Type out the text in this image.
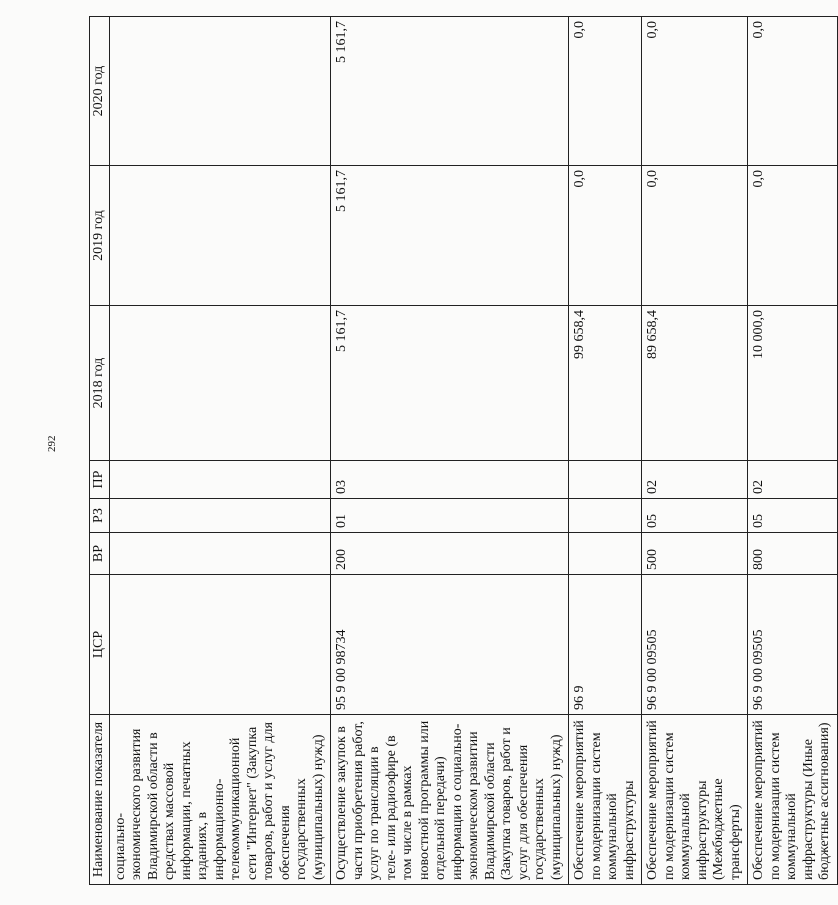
292
Наименование показателя	ЦСР	ВР	РЗ	ПР	2018 год	2019 год	2020 год
социально-экономического развития Владимирской области в средствах массовой информации, печатных изданиях, в информационно-телекоммуникационной сети "Интернет" (Закупка товаров, работ и услуг для обеспечения государственных (муниципальных) нужд)							
Осуществление закупок в части приобретения работ, услуг по трансляции в теле- или радиоэфире (в том числе в рамках новостной программы или отдельной передачи) информации о социально-экономическом развитии Владимирской области (Закупка товаров, работ и услуг для обеспечения государственных (муниципальных) нужд)	95 9 00 98734	200	01	03	5 161,7	5 161,7	5 161,7
Обеспечение мероприятий по модернизации систем коммунальной инфраструктуры	96 9				99 658,4	0,0	0,0
Обеспечение мероприятий по модернизации систем коммунальной инфраструктуры (Межбюджетные трансферты)	96 9 00 09505	500	05	02	89 658,4	0,0	0,0
Обеспечение мероприятий по модернизации систем коммунальной инфраструктуры (Иные бюджетные ассигнования)	96 9 00 09505	800	05	02	10 000,0	0,0	0,0
